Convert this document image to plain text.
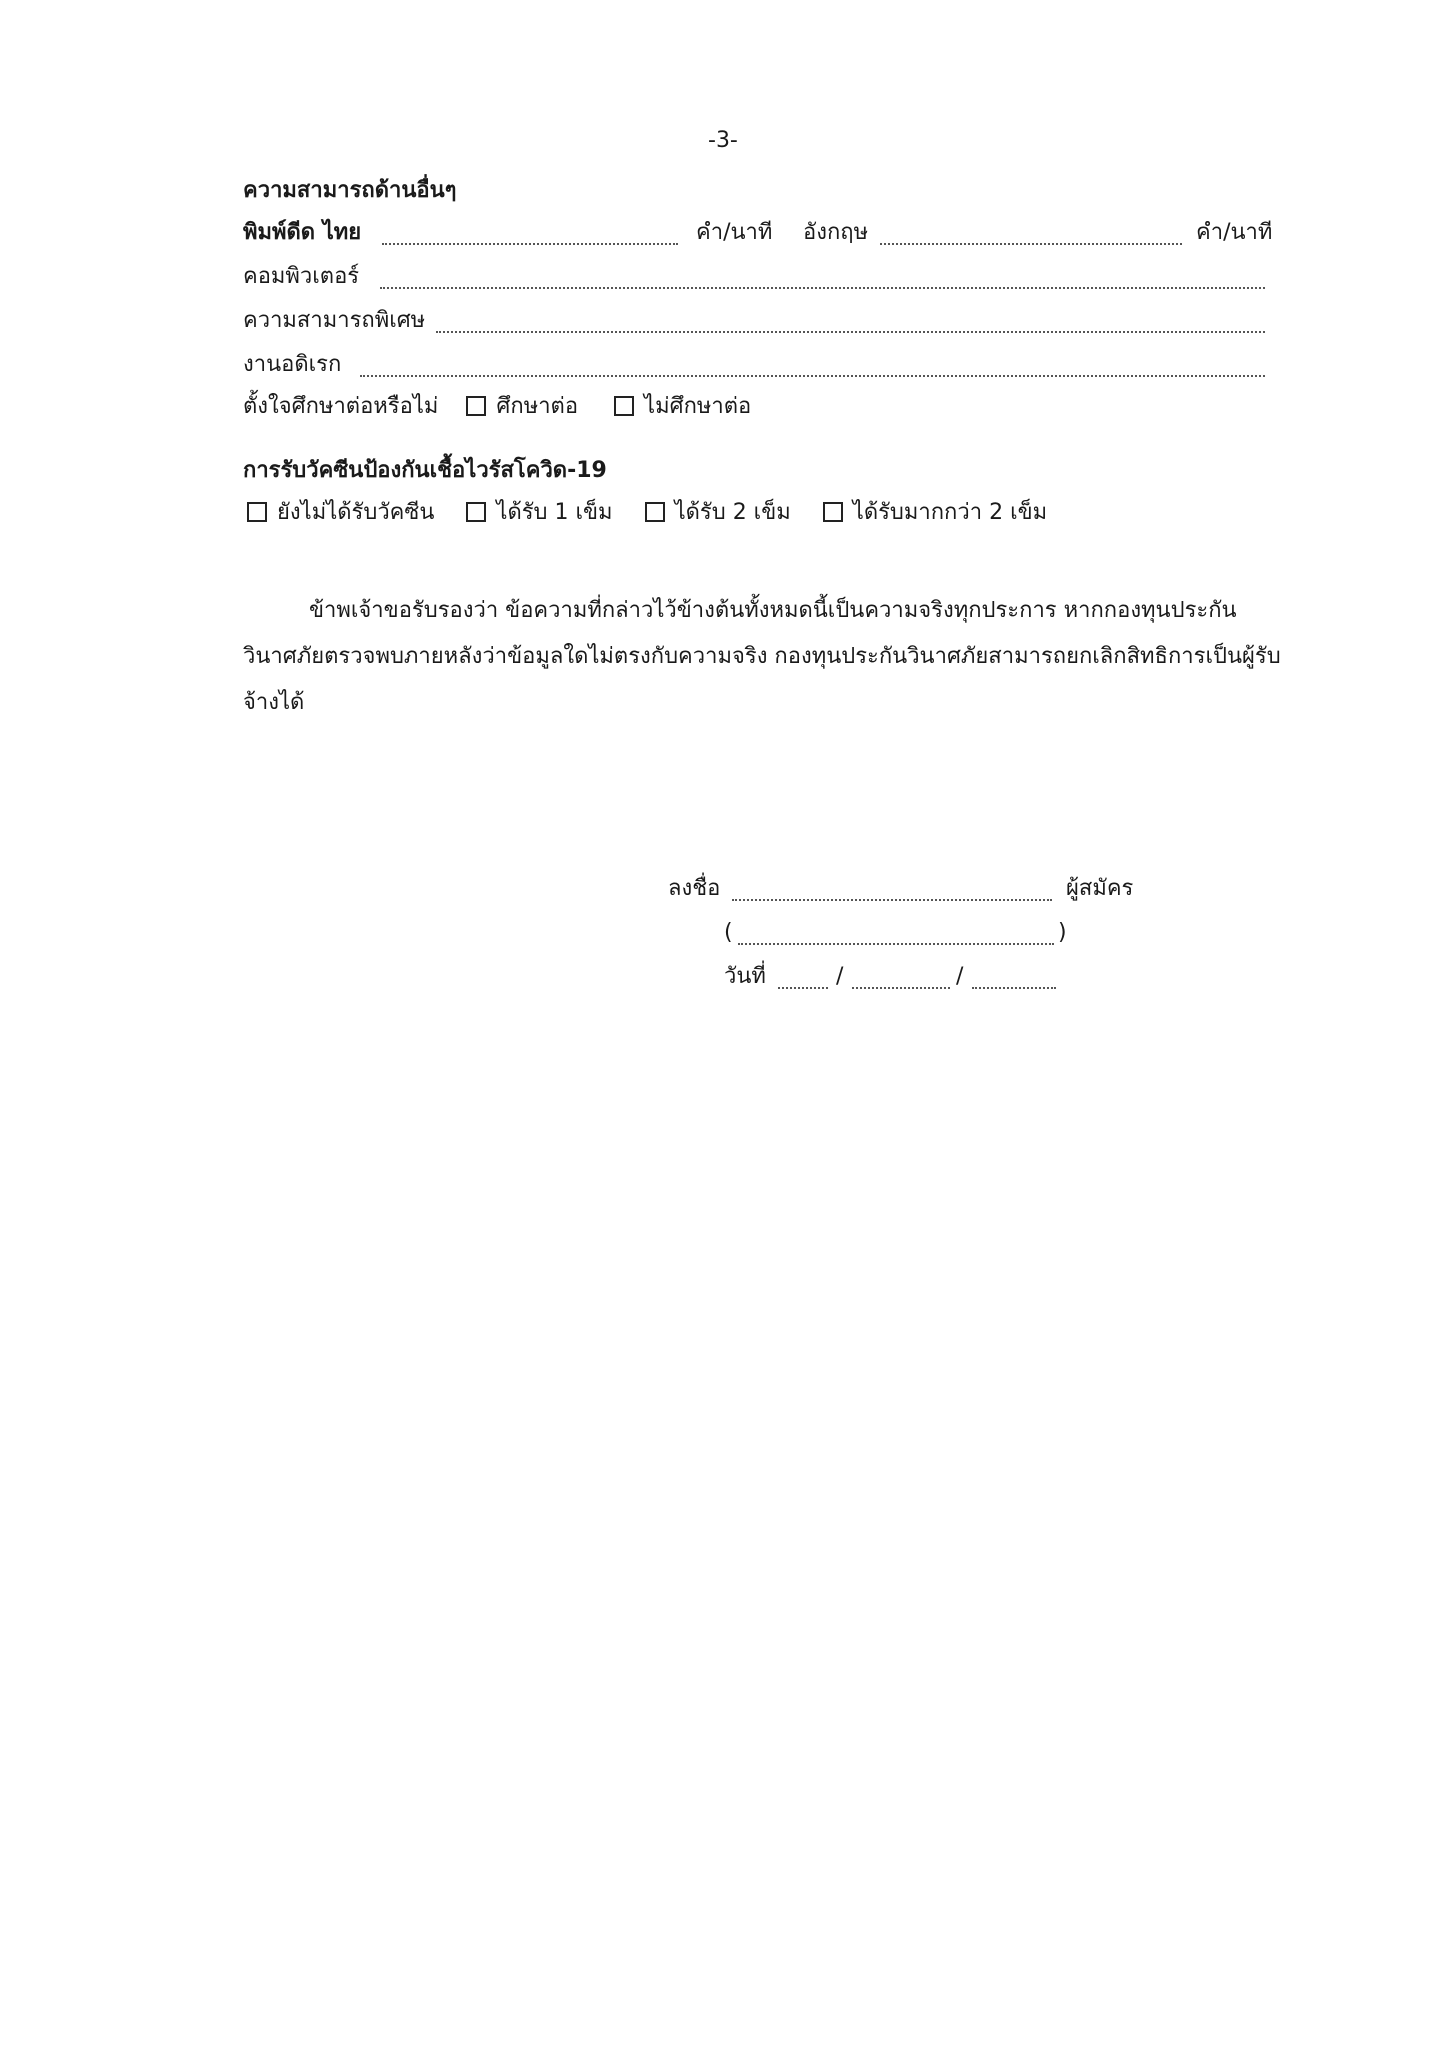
-3-
ความสามารถด้านอื่นๆ
พิมพ์ดีด ไทย	คำ/นาที อังกฤษ	คำ/นาที
คอมพิวเตอร์
ความสามารถพิเศษ
งานอดิเรก
ตั้งใจศึกษาต่อหรือไม่	ศึกษาต่อ	ไม่ศึกษาต่อ
การรับวัคซีนป้องกันเชื้อไวรัสโควิด-19
ยังไม่ได้รับวัคซีน	ได้รับ 1 เข็ม	ได้รับ 2 เข็ม	ได้รับมากกว่า 2 เข็ม
ข้าพเจ้าขอรับรองว่า ข้อความที่กล่าวไว้ข้างต้นทั้งหมดนี้เป็นความจริงทุกประการ หากกองทุนประกันวินาศภัยตรวจพบภายหลังว่าข้อมูลใดไม่ตรงกับความจริง กองทุนประกันวินาศภัยสามารถยกเลิกสิทธิการเป็นผู้รับจ้างได้
ลงชื่อ	ผู้สมัคร
(	)
วันที่	/	/
